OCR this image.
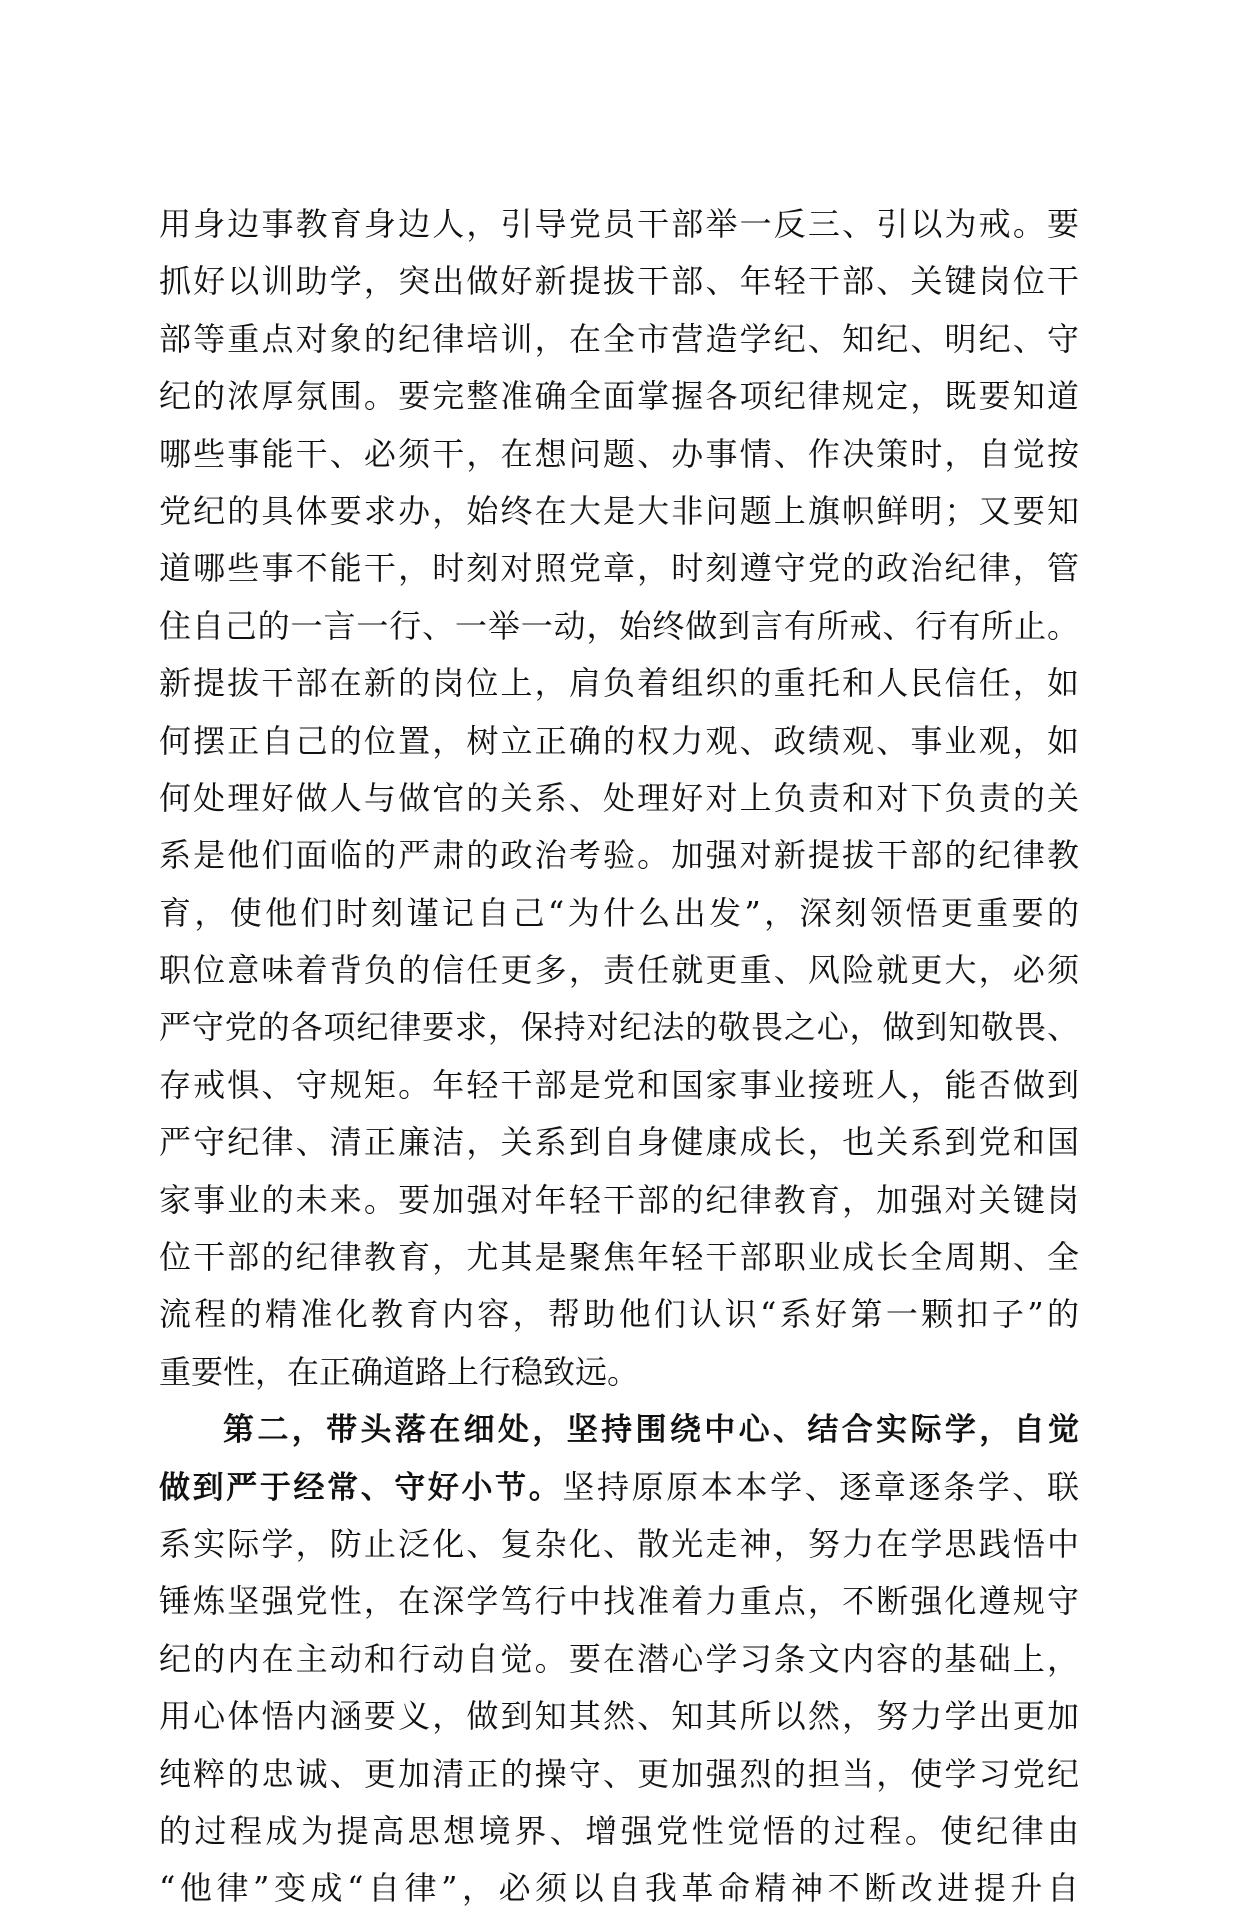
用身边事教育身边人，引导党员干部举一反三、引以为戒。要
抓好以训助学，突出做好新提拔干部、年轻干部、关键岗位干
部等重点对象的纪律培训，在全市营造学纪、知纪、明纪、守
纪的浓厚氛围。要完整准确全面掌握各项纪律规定，既要知道
哪些事能干、必须干，在想问题、办事情、作决策时，自觉按
党纪的具体要求办，始终在大是大非问题上旗帜鲜明；又要知
道哪些事不能干，时刻对照党章，时刻遵守党的政治纪律，管
住自己的一言一行、一举一动，始终做到言有所戒、行有所止。
新提拔干部在新的岗位上，肩负着组织的重托和人民信任，如
何摆正自己的位置，树立正确的权力观、政绩观、事业观，如
何处理好做人与做官的关系、处理好对上负责和对下负责的关
系是他们面临的严肃的政治考验。加强对新提拔干部的纪律教
育，使他们时刻谨记自己“为什么出发”，深刻领悟更重要的
职位意味着背负的信任更多，责任就更重、风险就更大，必须
严守党的各项纪律要求，保持对纪法的敬畏之心，做到知敬畏、
存戒惧、守规矩。年轻干部是党和国家事业接班人，能否做到
严守纪律、清正廉洁，关系到自身健康成长，也关系到党和国
家事业的未来。要加强对年轻干部的纪律教育，加强对关键岗
位干部的纪律教育，尤其是聚焦年轻干部职业成长全周期、全
流程的精准化教育内容，帮助他们认识“系好第一颗扣子”的
重要性，在正确道路上行稳致远。
第二，带头落在细处，坚持围绕中心、结合实际学，自觉
做到严于经常、守好小节。坚持原原本本学、逐章逐条学、联
系实际学，防止泛化、复杂化、散光走神，努力在学思践悟中
锤炼坚强党性，在深学笃行中找准着力重点，不断强化遵规守
纪的内在主动和行动自觉。要在潜心学习条文内容的基础上，
用心体悟内涵要义，做到知其然、知其所以然，努力学出更加
纯粹的忠诚、更加清正的操守、更加强烈的担当，使学习党纪
的过程成为提高思想境界、增强党性觉悟的过程。使纪律由
“他律”变成“自律”，必须以自我革命精神不断改进提升自
